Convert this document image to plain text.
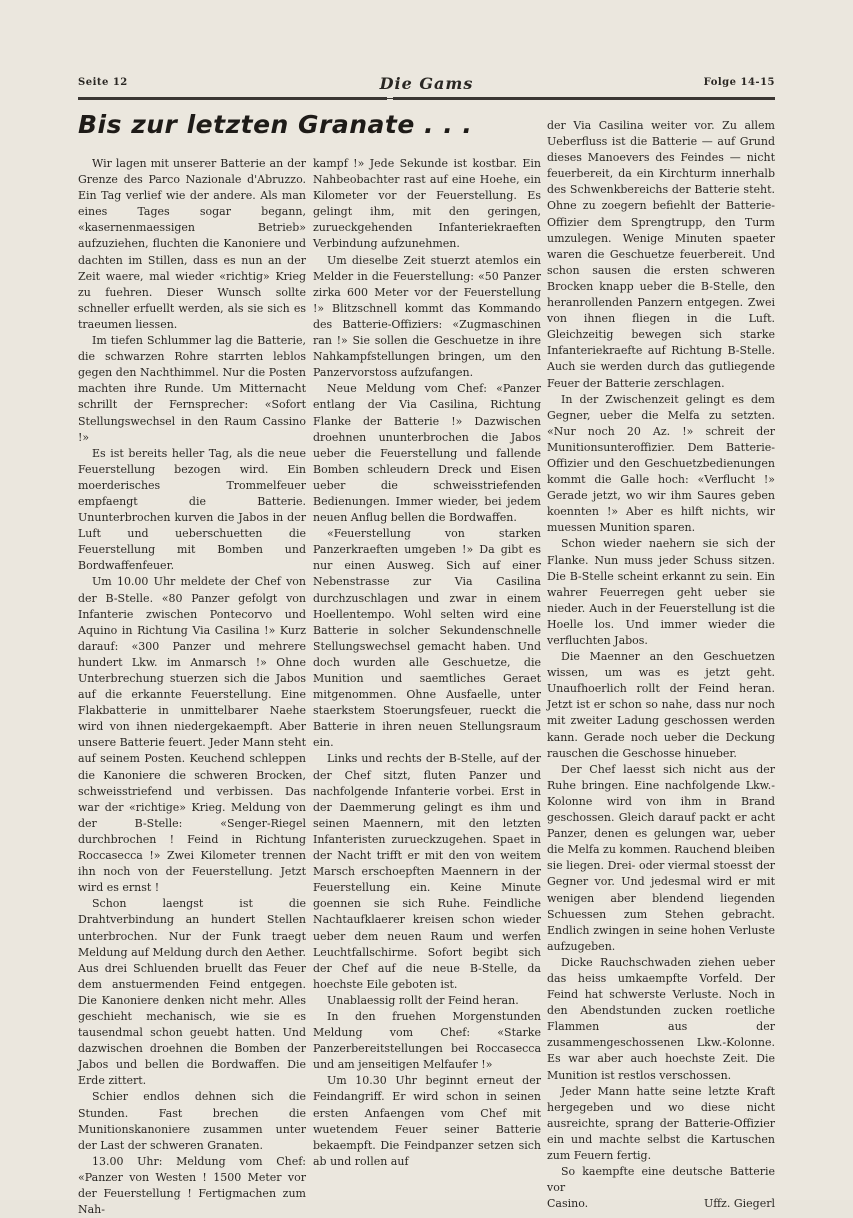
Seite 12	Die Gams	Folge 14-15
Bis zur letzten Granate . . .

Wir lagen mit unserer Batterie an der Grenze des Parco Nazionale d'Abruzzo. Ein Tag verlief wie der andere. Als man eines Tages sogar begann, «kasernenmaessigen Betrieb» aufzuziehen, fluchten die Kanoniere und dachten im Stillen, dass es nun an der Zeit waere, mal wieder «richtig» Krieg zu fuehren. Dieser Wunsch sollte schneller erfuellt werden, als sie sich es traeumen liessen.

Im tiefen Schlummer lag die Batterie, die schwarzen Rohre starrten leblos gegen den Nachthimmel. Nur die Posten machten ihre Runde. Um Mitternacht schrillt der Fernsprecher: «Sofort Stellungswechsel in den Raum Cassino !»

Es ist bereits heller Tag, als die neue Feuerstellung bezogen wird. Ein moerderisches Trommelfeuer empfaengt die Batterie. Ununterbrochen kurven die Jabos in der Luft und ueberschuetten die Feuerstellung mit Bomben und Bordwaffenfeuer.

Um 10.00 Uhr meldete der Chef von der B-Stelle. «80 Panzer gefolgt von Infanterie zwischen Pontecorvo und Aquino in Richtung Via Casilina !» Kurz darauf: «300 Panzer und mehrere hundert Lkw. im Anmarsch !» Ohne Unterbrechung stuerzen sich die Jabos auf die erkannte Feuerstellung. Eine Flakbatterie in unmittelbarer Naehe wird von ihnen niedergekaempft. Aber unsere Batterie feuert. Jeder Mann steht auf seinem Posten. Keuchend schleppen die Kanoniere die schweren Brocken, schweisstriefend und verbissen. Das war der «richtige» Krieg. Meldung von der B-Stelle: «Senger-Riegel durchbrochen ! Feind in Richtung Roccasecca !» Zwei Kilometer trennen ihn noch von der Feuerstellung. Jetzt wird es ernst !

Schon laengst ist die Drahtverbindung an hundert Stellen unterbrochen. Nur der Funk traegt Meldung auf Meldung durch den Aether. Aus drei Schluenden bruellt das Feuer dem anstuermenden Feind entgegen. Die Kanoniere denken nicht mehr. Alles geschieht mechanisch, wie sie es tausendmal schon geuebt hatten. Und dazwischen droehnen die Bomben der Jabos und bellen die Bordwaffen. Die Erde zittert.

Schier endlos dehnen sich die Stunden. Fast brechen die Munitionskanoniere zusammen unter der Last der schweren Granaten.

13.00 Uhr: Meldung vom Chef: «Panzer von Westen ! 1500 Meter vor der Feuerstellung ! Fertigmachen zum Nah-

kampf !» Jede Sekunde ist kostbar. Ein Nahbeobachter rast auf eine Hoehe, ein Kilometer vor der Feuerstellung. Es gelingt ihm, mit den geringen, zurueckgehenden Infanteriekraeften Verbindung aufzunehmen.

Um dieselbe Zeit stuerzt atemlos ein Melder in die Feuerstellung: «50 Panzer zirka 600 Meter vor der Feuerstellung !» Blitzschnell kommt das Kommando des Batterie-Offiziers: «Zugmaschinen ran !» Sie sollen die Geschuetze in ihre Nahkampfstellungen bringen, um den Panzervorstoss aufzufangen.

Neue Meldung vom Chef: «Panzer entlang der Via Casilina, Richtung Flanke der Batterie !» Dazwischen droehnen ununterbrochen die Jabos ueber die Feuerstellung und fallende Bomben schleudern Dreck und Eisen ueber die schweisstriefenden Bedienungen. Immer wieder, bei jedem neuen Anflug bellen die Bordwaffen.

«Feuerstellung von starken Panzerkraeften umgeben !» Da gibt es nur einen Ausweg. Sich auf einer Nebenstrasse zur Via Casilina durchzuschlagen und zwar in einem Hoellentempo. Wohl selten wird eine Batterie in solcher Sekundenschnelle Stellungswechsel gemacht haben. Und doch wurden alle Geschuetze, die Munition und saemtliches Geraet mitgenommen. Ohne Ausfaelle, unter staerkstem Stoerungsfeuer, rueckt die Batterie in ihren neuen Stellungsraum ein.

Links und rechts der B-Stelle, auf der der Chef sitzt, fluten Panzer und nachfolgende Infanterie vorbei. Erst in der Daemmerung gelingt es ihm und seinen Maennern, mit den letzten Infanteristen zurueckzugehen. Spaet in der Nacht trifft er mit den von weitem Marsch erschoepften Maennern in der Feuerstellung ein. Keine Minute goennen sie sich Ruhe. Feindliche Nachtaufklaerer kreisen schon wieder ueber dem neuen Raum und werfen Leuchtfallschirme. Sofort begibt sich der Chef auf die neue B-Stelle, da hoechste Eile geboten ist.

Unablaessig rollt der Feind heran.

In den fruehen Morgenstunden Meldung vom Chef: «Starke Panzerbereitstellungen bei Roccasecca und am jenseitigen Melfaufer !»

Um 10.30 Uhr beginnt erneut der Feindangriff. Er wird schon in seinen ersten Anfaengen vom Chef mit wuetendem Feuer seiner Batterie bekaempft. Die Feindpanzer setzen sich ab und rollen auf

der Via Casilina weiter vor. Zu allem Ueberfluss ist die Batterie — auf Grund dieses Manoevers des Feindes — nicht feuerbereit, da ein Kirchturm innerhalb des Schwenkbereichs der Batterie steht. Ohne zu zoegern befiehlt der Batterie-Offizier dem Sprengtrupp, den Turm umzulegen. Wenige Minuten spaeter waren die Geschuetze feuerbereit. Und schon sausen die ersten schweren Brocken knapp ueber die B-Stelle, den heranrollenden Panzern entgegen. Zwei von ihnen fliegen in die Luft. Gleichzeitig bewegen sich starke Infanteriekraefte auf Richtung B-Stelle. Auch sie werden durch das gutliegende Feuer der Batterie zerschlagen.

In der Zwischenzeit gelingt es dem Gegner, ueber die Melfa zu setzten. «Nur noch 20 Az. !» schreit der Munitionsunteroffizier. Dem Batterie-Offizier und den Geschuetzbedienungen kommt die Galle hoch: «Verflucht !» Gerade jetzt, wo wir ihm Saures geben koennten !» Aber es hilft nichts, wir muessen Munition sparen.

Schon wieder naehern sie sich der Flanke. Nun muss jeder Schuss sitzen. Die B-Stelle scheint erkannt zu sein. Ein wahrer Feuerregen geht ueber sie nieder. Auch in der Feuerstellung ist die Hoelle los. Und immer wieder die verfluchten Jabos.

Die Maenner an den Geschuetzen wissen, um was es jetzt geht. Unaufhoerlich rollt der Feind heran. Jetzt ist er schon so nahe, dass nur noch mit zweiter Ladung geschossen werden kann. Gerade noch ueber die Deckung rauschen die Geschosse hinueber.

Der Chef laesst sich nicht aus der Ruhe bringen. Eine nachfolgende Lkw.-Kolonne wird von ihm in Brand geschossen. Gleich darauf packt er acht Panzer, denen es gelungen war, ueber die Melfa zu kommen. Rauchend bleiben sie liegen. Drei- oder viermal stoesst der Gegner vor. Und jedesmal wird er mit wenigen aber blendend liegenden Schuessen zum Stehen gebracht. Endlich zwingen in seine hohen Verluste aufzugeben.

Dicke Rauchschwaden ziehen ueber das heiss umkaempfte Vorfeld. Der Feind hat schwerste Verluste. Noch in den Abendstunden zucken roetliche Flammen aus der zusammengeschossenen Lkw.-Kolonne. Es war aber auch hoechste Zeit. Die Munition ist restlos verschossen.

Jeder Mann hatte seine letzte Kraft hergegeben und wo diese nicht ausreichte, sprang der Batterie-Offizier ein und machte selbst die Kartuschen zum Feuern fertig.

So kaempfte eine deutsche Batterie vor

Casino.	Uffz. Giegerl
